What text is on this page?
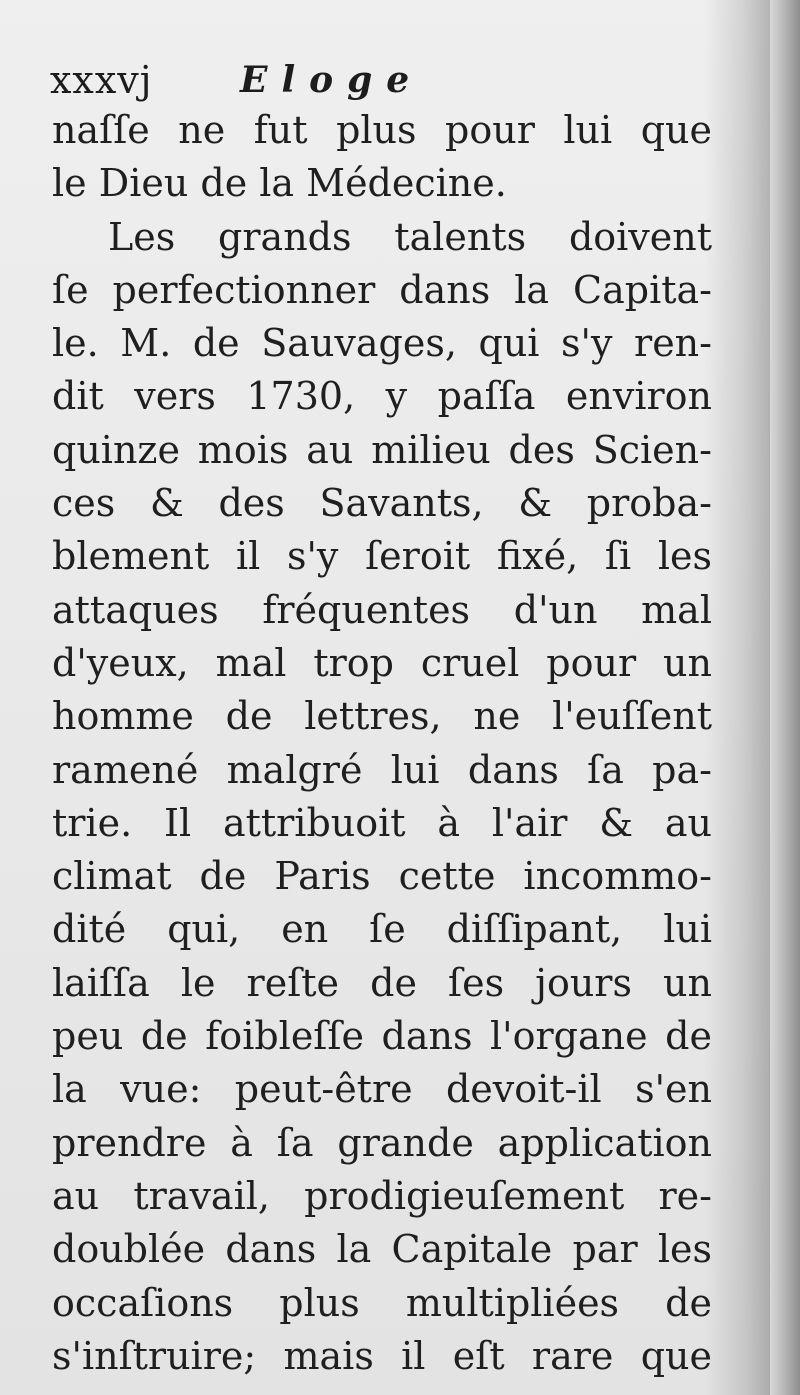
xxxvj Eloge
naſſe ne fut plus pour lui que
le Dieu de la Médecine.
Les grands talents doivent
ſe perfectionner dans la Capita-
le. M. de Sauvages, qui s'y ren-
dit vers 1730, y paſſa environ
quinze mois au milieu des Scien-
ces & des Savants, & proba-
blement il s'y ſeroit fixé, ſi les
attaques fréquentes d'un mal
d'yeux, mal trop cruel pour un
homme de lettres, ne l'euſſent
ramené malgré lui dans ſa pa-
trie. Il attribuoit à l'air & au
climat de Paris cette incommo-
dité qui, en ſe diſſipant, lui
laiſſa le reſte de ſes jours un
peu de foibleſſe dans l'organe de
la vue: peut-être devoit-il s'en
prendre à ſa grande application
au travail, prodigieuſement re-
doublée dans la Capitale par les
occaſions plus multipliées de
s'inſtruire; mais il eſt rare que
